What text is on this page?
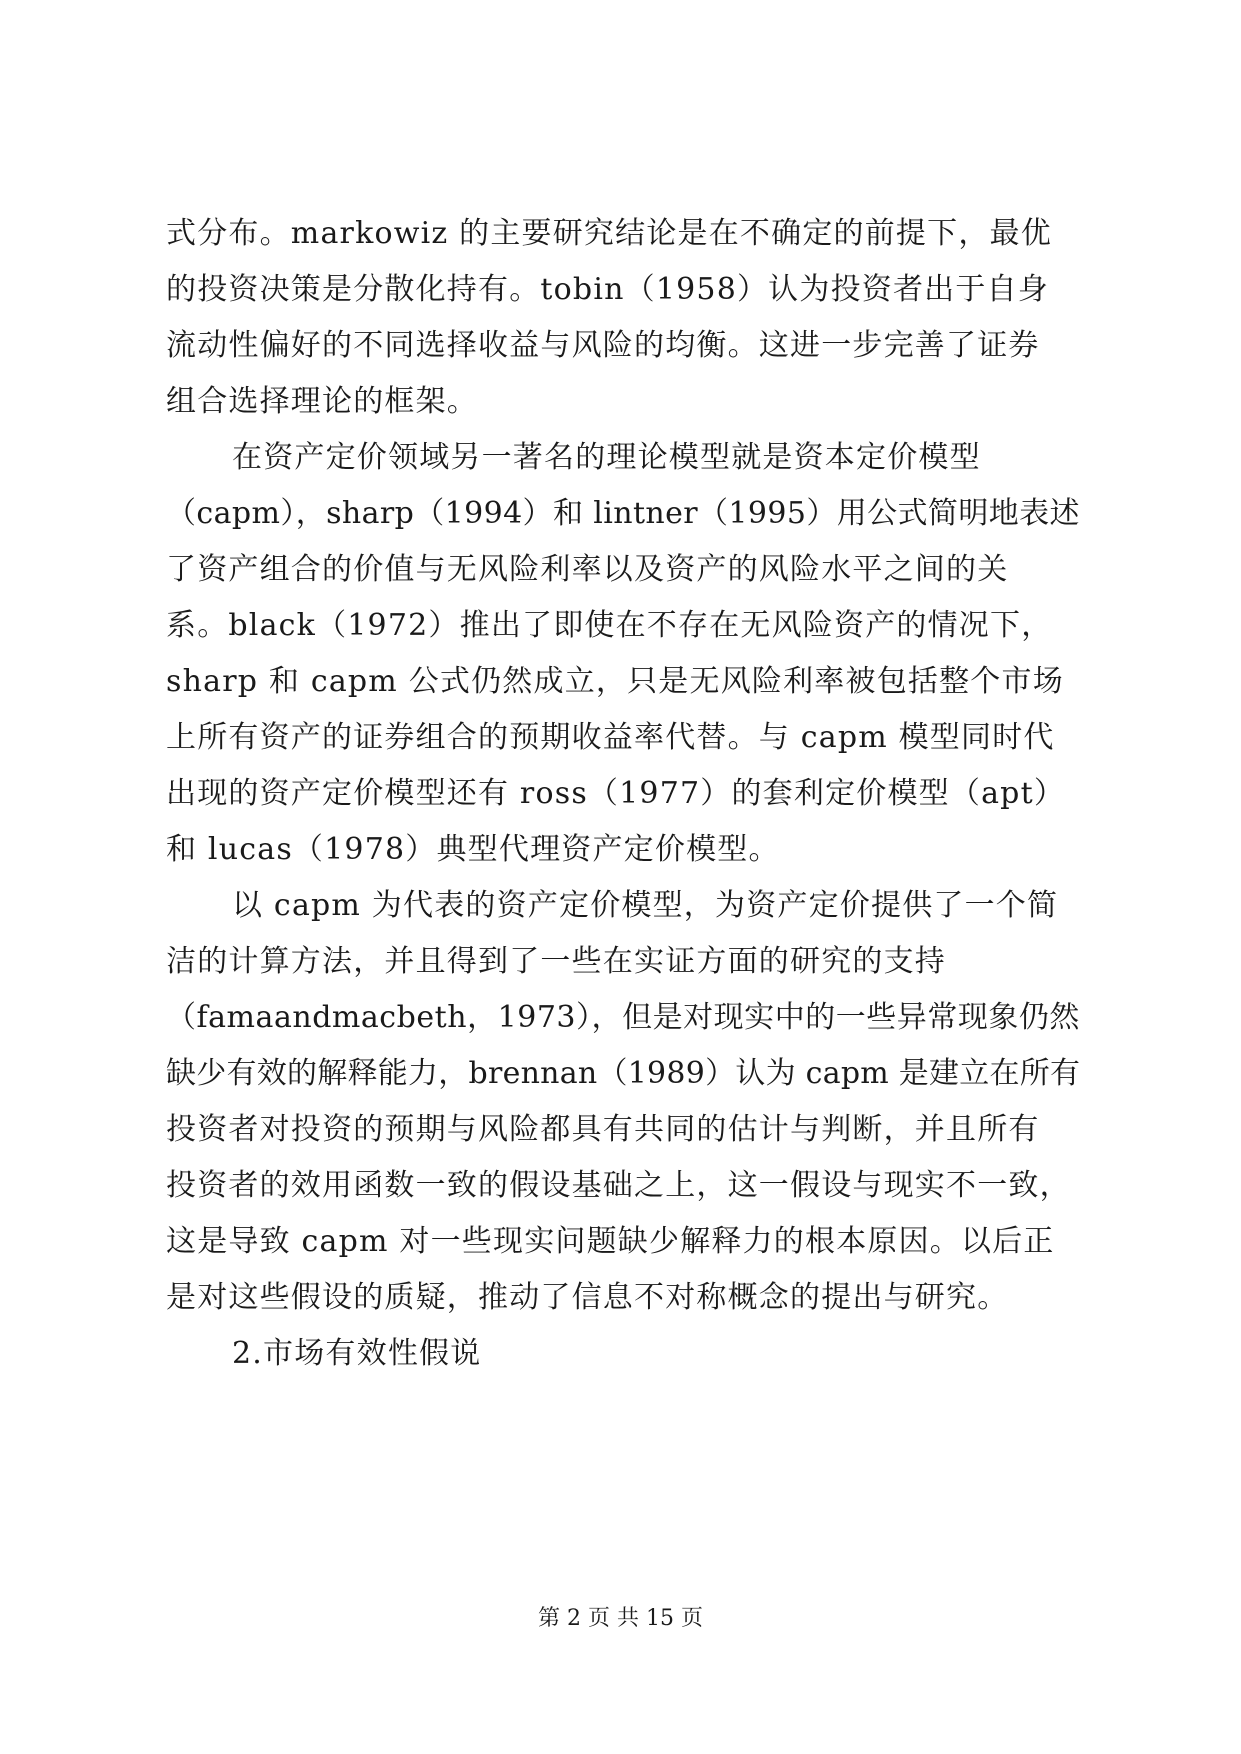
式分布。markowiz 的主要研究结论是在不确定的前提下，最优
的投资决策是分散化持有。tobin（1958）认为投资者出于自身
流动性偏好的不同选择收益与风险的均衡。这进一步完善了证券
组合选择理论的框架。
在资产定价领域另一著名的理论模型就是资本定价模型
（capm），sharp（1994）和 lintner（1995）用公式简明地表述
了资产组合的价值与无风险利率以及资产的风险水平之间的关
系。black（1972）推出了即使在不存在无风险资产的情况下，
sharp 和 capm 公式仍然成立，只是无风险利率被包括整个市场
上所有资产的证券组合的预期收益率代替。与 capm 模型同时代
出现的资产定价模型还有 ross（1977）的套利定价模型（apt）
和 lucas（1978）典型代理资产定价模型。
以 capm 为代表的资产定价模型，为资产定价提供了一个简
洁的计算方法，并且得到了一些在实证方面的研究的支持
（famaandmacbeth，1973），但是对现实中的一些异常现象仍然
缺少有效的解释能力，brennan（1989）认为 capm 是建立在所有
投资者对投资的预期与风险都具有共同的估计与判断，并且所有
投资者的效用函数一致的假设基础之上，这一假设与现实不一致，
这是导致 capm 对一些现实问题缺少解释力的根本原因。以后正
是对这些假设的质疑，推动了信息不对称概念的提出与研究。
2.市场有效性假说
第 2 页 共 15 页
